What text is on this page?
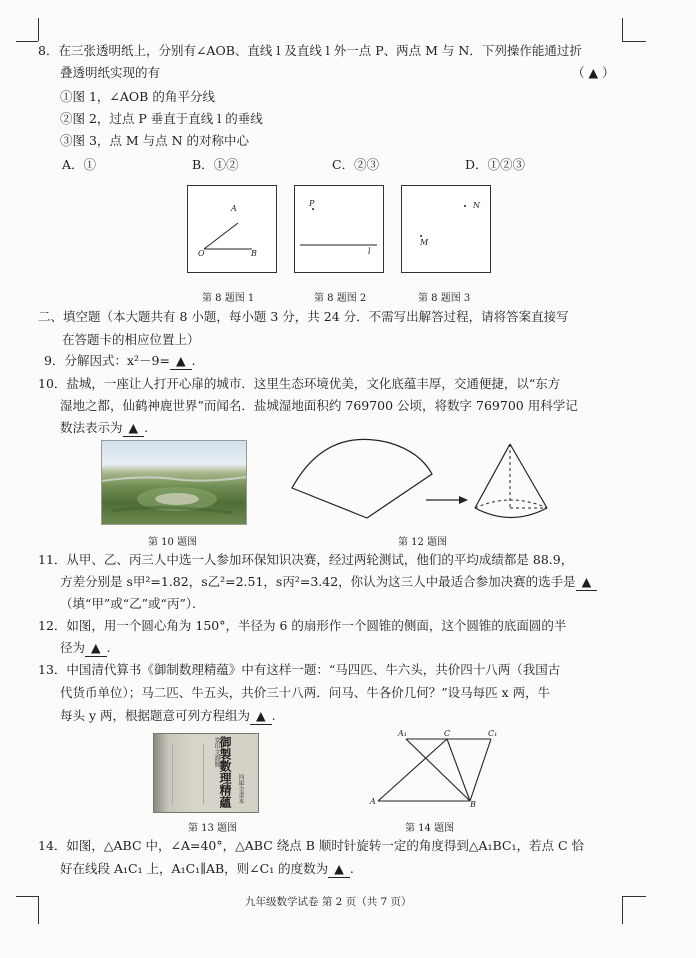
8．在三张透明纸上，分别有∠AOB、直线 l 及直线 l 外一点 P、两点 M 与 N．下列操作能通过折
叠透明纸实现的有	（ ▲ ）
①图 1，∠AOB 的角平分线
②图 2，过点 P 垂直于直线 l 的垂线
③图 3，点 M 与点 N 的对称中心
A．①	B．①②	C．②③	D．①②③
A
O	B
第 8 题图 1
P
l
第 8 题图 2
N
M
第 8 题图 3
二、填空题（本大题共有 8 小题，每小题 3 分，共 24 分．不需写出解答过程，请将答案直接写
在答题卡的相应位置上）
9．分解因式：x²－9= ▲ .
10．盐城，一座让人打开心扉的城市．这里生态环境优美，文化底蕴丰厚，交通便捷，以“东方
湿地之都，仙鹤神鹿世界”而闻名．盐城湿地面积约 769700 公顷，将数字 769700 用科学记
数法表示为 ▲ .
第 10 题图	第 12 题图
11．从甲、乙、丙三人中选一人参加环保知识决赛，经过两轮测试，他们的平均成绩都是 88.9，
方差分别是 s甲²=1.82，s乙²=2.51，s丙²=3.42，你认为这三人中最适合参加决赛的选手是 ▲
（填“甲”或“乙”或“丙”）．
12．如图，用一个圆心角为 150°，半径为 6 的扇形作一个圆锥的侧面，这个圆锥的底面圆的半
径为 ▲ .
13．中国清代算书《御制数理精蕴》中有这样一题：“马四匹、牛六头，共价四十八两（我国古
代货币单位）；马二匹、牛五头，共价三十八两．问马、牛各价几何？”设马每匹 x 两，牛
每头 y 两，根据题意可列方程组为 ▲ .
景印文淵閣
御製數理精蘊 四庫全書本
第 13 题图
A₁	C	C₁
A	B
第 14 题图
14．如图，△ABC 中，∠A=40°，△ABC 绕点 B 顺时针旋转一定的角度得到△A₁BC₁，若点 C 恰
好在线段 A₁C₁ 上，A₁C₁∥AB，则∠C₁ 的度数为 ▲ .
九年级数学试卷 第 2 页（共 7 页）
